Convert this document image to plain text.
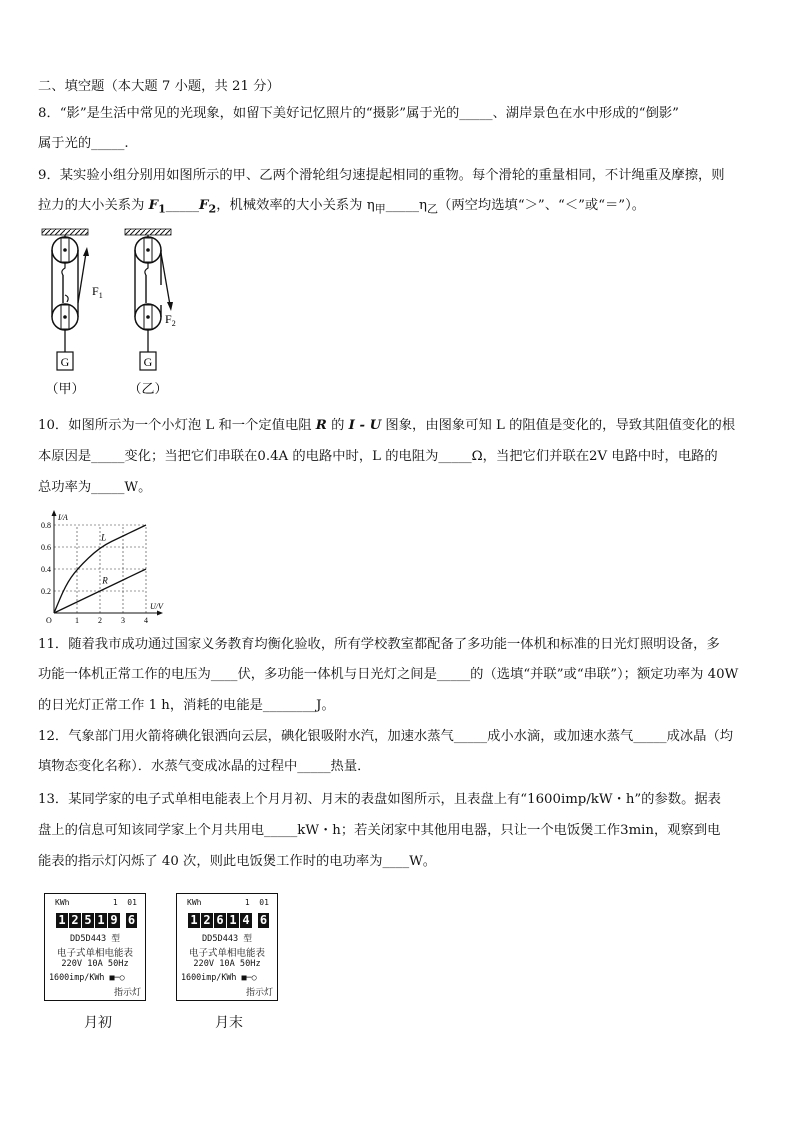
二、填空题（本大题 7 小题，共 21 分）
8．“影”是生活中常见的光现象，如留下美好记忆照片的“摄影”属于光的_____、湖岸景色在水中形成的“倒影”
属于光的_____.
9．某实验小组分别用如图所示的甲、乙两个滑轮组匀速提起相同的重物。每个滑轮的重量相同，不计绳重及摩擦，则
拉力的大小关系为 $F_1\_\_\_\_\_F_2$，机械效率的大小关系为 $\eta_甲\_\_\_\_\_\eta_乙$（两空均选填“＞”、“＜”或“＝”）。
$F_1$
G
（甲）
$F_2$
G
（乙）
10．如图所示为一个小灯泡 L 和一个定值电阻 R 的 I - U 图象，由图象可知 L 的阻值是变化的，导致其阻值变化的根
本原因是_____变化；当把它们串联在0.4A 的电路中时，L 的电阻为_____Ω，当把它们并联在2V 电路中时，电路的
总功率为_____W。
1 2 3 4
0.2
0.4
0.6
0.8
O
I/A
U/V
L
R
11．随着我市成功通过国家义务教育均衡化验收，所有学校教室都配备了多功能一体机和标准的日光灯照明设备，多
功能一体机正常工作的电压为____伏，多功能一体机与日光灯之间是_____的（选填“并联”或“串联”）；额定功率为 40W
的日光灯正常工作 1 h，消耗的电能是________J。
12．气象部门用火箭将碘化银洒向云层，碘化银吸附水汽，加速水蒸气_____成小水滴，或加速水蒸气_____成冰晶（均
填物态变化名称）．水蒸气变成冰晶的过程中_____热量．
13．某同学家的电子式单相电能表上个月月初、月末的表盘如图所示，且表盘上有“1600imp/kW・h”的参数。据表
盘上的信息可知该同学家上个月共用电_____kW・h；若关闭家中其他用电器，只让一个电饭煲工作3min，观察到电
能表的指示灯闪烁了 40 次，则此电饭煲工作时的电功率为____W。
KWh	1 01
1 2 5 1 9 6
DD5D443 型
电子式单相电能表
220V 10A 50Hz
1600imp/KWh ■─○
指示灯
月初
KWh	1 01
1 2 6 1 4 6
DD5D443 型
电子式单相电能表
220V 10A 50Hz
1600imp/KWh ■─○
指示灯
月末
